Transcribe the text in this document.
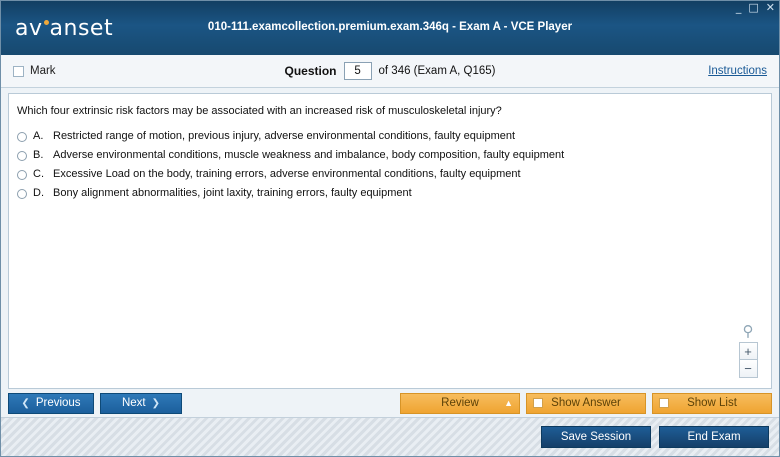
av anset	010-111.examcollection.premium.exam.346q - Exam A - VCE Player
_ □ ✕
Mark	Question
5	of 346 (Exam A, Q165)	Instructions
Which four extrinsic risk factors may be associated with an increased risk of musculoskeletal injury?
A. Restricted range of motion, previous injury, adverse environmental conditions, faulty equipment
B. Adverse environmental conditions, muscle weakness and imbalance, body composition, faulty equipment
C. Excessive Load on the body, training errors, adverse environmental conditions, faulty equipment
D. Bony alignment abnormalities, joint laxity, training errors, faulty equipment
⚲
+
−
❮ Previous	Next ❯	Review	▲	Show Answer	Show List
Save Session	End Exam
